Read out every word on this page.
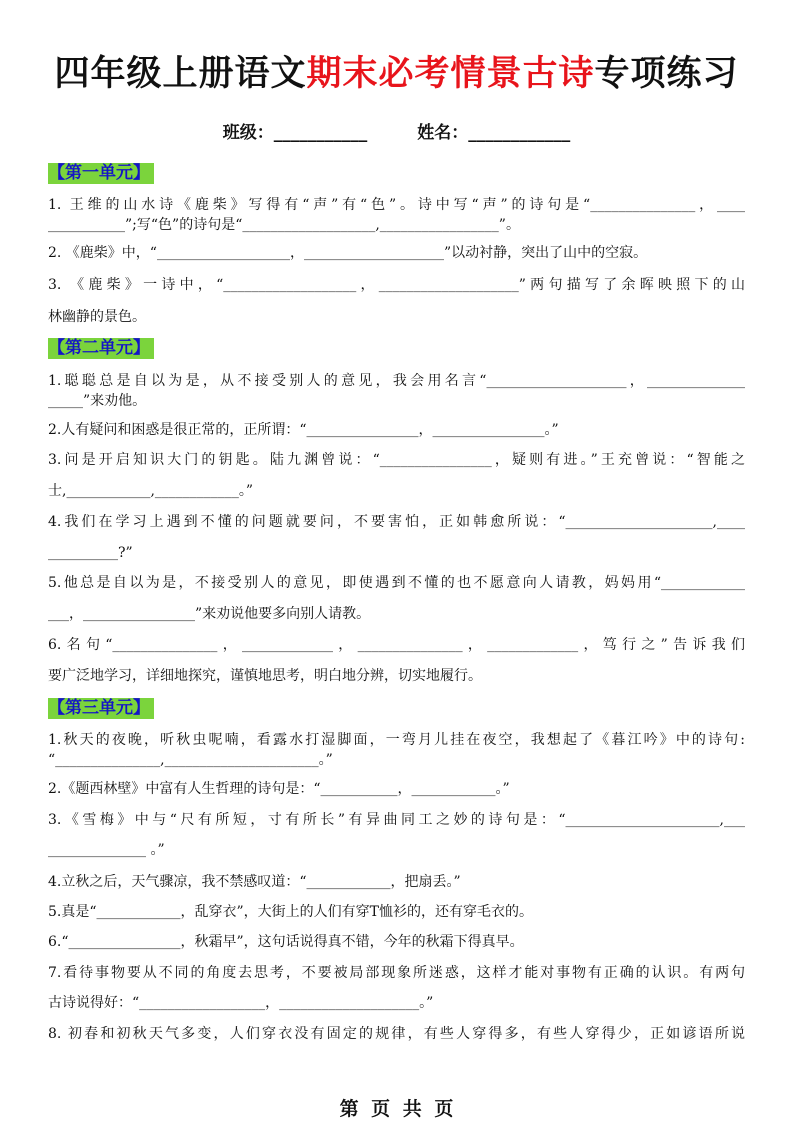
四年级上册语文期末必考情景古诗专项练习
班级：___________	姓名：____________
【第一单元】
1. 王维的山水诗《鹿柴》写得有“声”有“色”。诗中写“声”的诗句是“_______________，____
___________”;写“色”的诗句是“___________________,_________________”。
2. 《鹿柴》中，“___________________，____________________”以动衬静，突出了山中的空寂。
3. 《鹿柴》一诗中，“___________________，____________________”两句描写了余晖映照下的山
林幽静的景色。
【第二单元】
1.聪聪总是自以为是，从不接受别人的意见，我会用名言“____________________，______________
_____”来劝他。
2.人有疑问和困惑是很正常的，正所谓：“________________，________________。”
3.问是开启知识大门的钥匙。陆九渊曾说：“________________，疑则有进。”王充曾说：“智能之
士,____________,____________。”
4.我们在学习上遇到不懂的问题就要问，不要害怕，正如韩愈所说：“_____________________,____
__________?”
5.他总是自以为是，不接受别人的意见，即使遇到不懂的也不愿意向人请教，妈妈用“____________
___，________________”来劝说他要多向别人请教。
6.名句“_______________，_____________，_______________，_____________，笃行之”告诉我们
要广泛地学习，详细地探究，谨慎地思考，明白地分辨，切实地履行。
【第三单元】
1.秋天的夜晚，听秋虫呢喃，看露水打湿脚面，一弯月儿挂在夜空，我想起了《暮江吟》中的诗句:
“_______________,______________________。”
2.《题西林壁》中富有人生哲理的诗句是：“___________，____________。”
3.《雪梅》中与“尺有所短，寸有所长”有异曲同工之妙的诗句是：“______________________,___
______________ 。”
4.立秋之后，天气骤凉，我不禁感叹道：“____________，把扇丢。”
5.真是“____________，乱穿衣”，大街上的人们有穿T恤衫的，还有穿毛衣的。
6.“________________，秋霜早”，这句话说得真不错，今年的秋霜下得真早。
7.看待事物要从不同的角度去思考，不要被局部现象所迷惑，这样才能对事物有正确的认识。有两句
古诗说得好：“__________________，____________________。”
8. 初春和初秋天气多变，人们穿衣没有固定的规律，有些人穿得多，有些人穿得少，正如谚语所说
第 页 共 页
